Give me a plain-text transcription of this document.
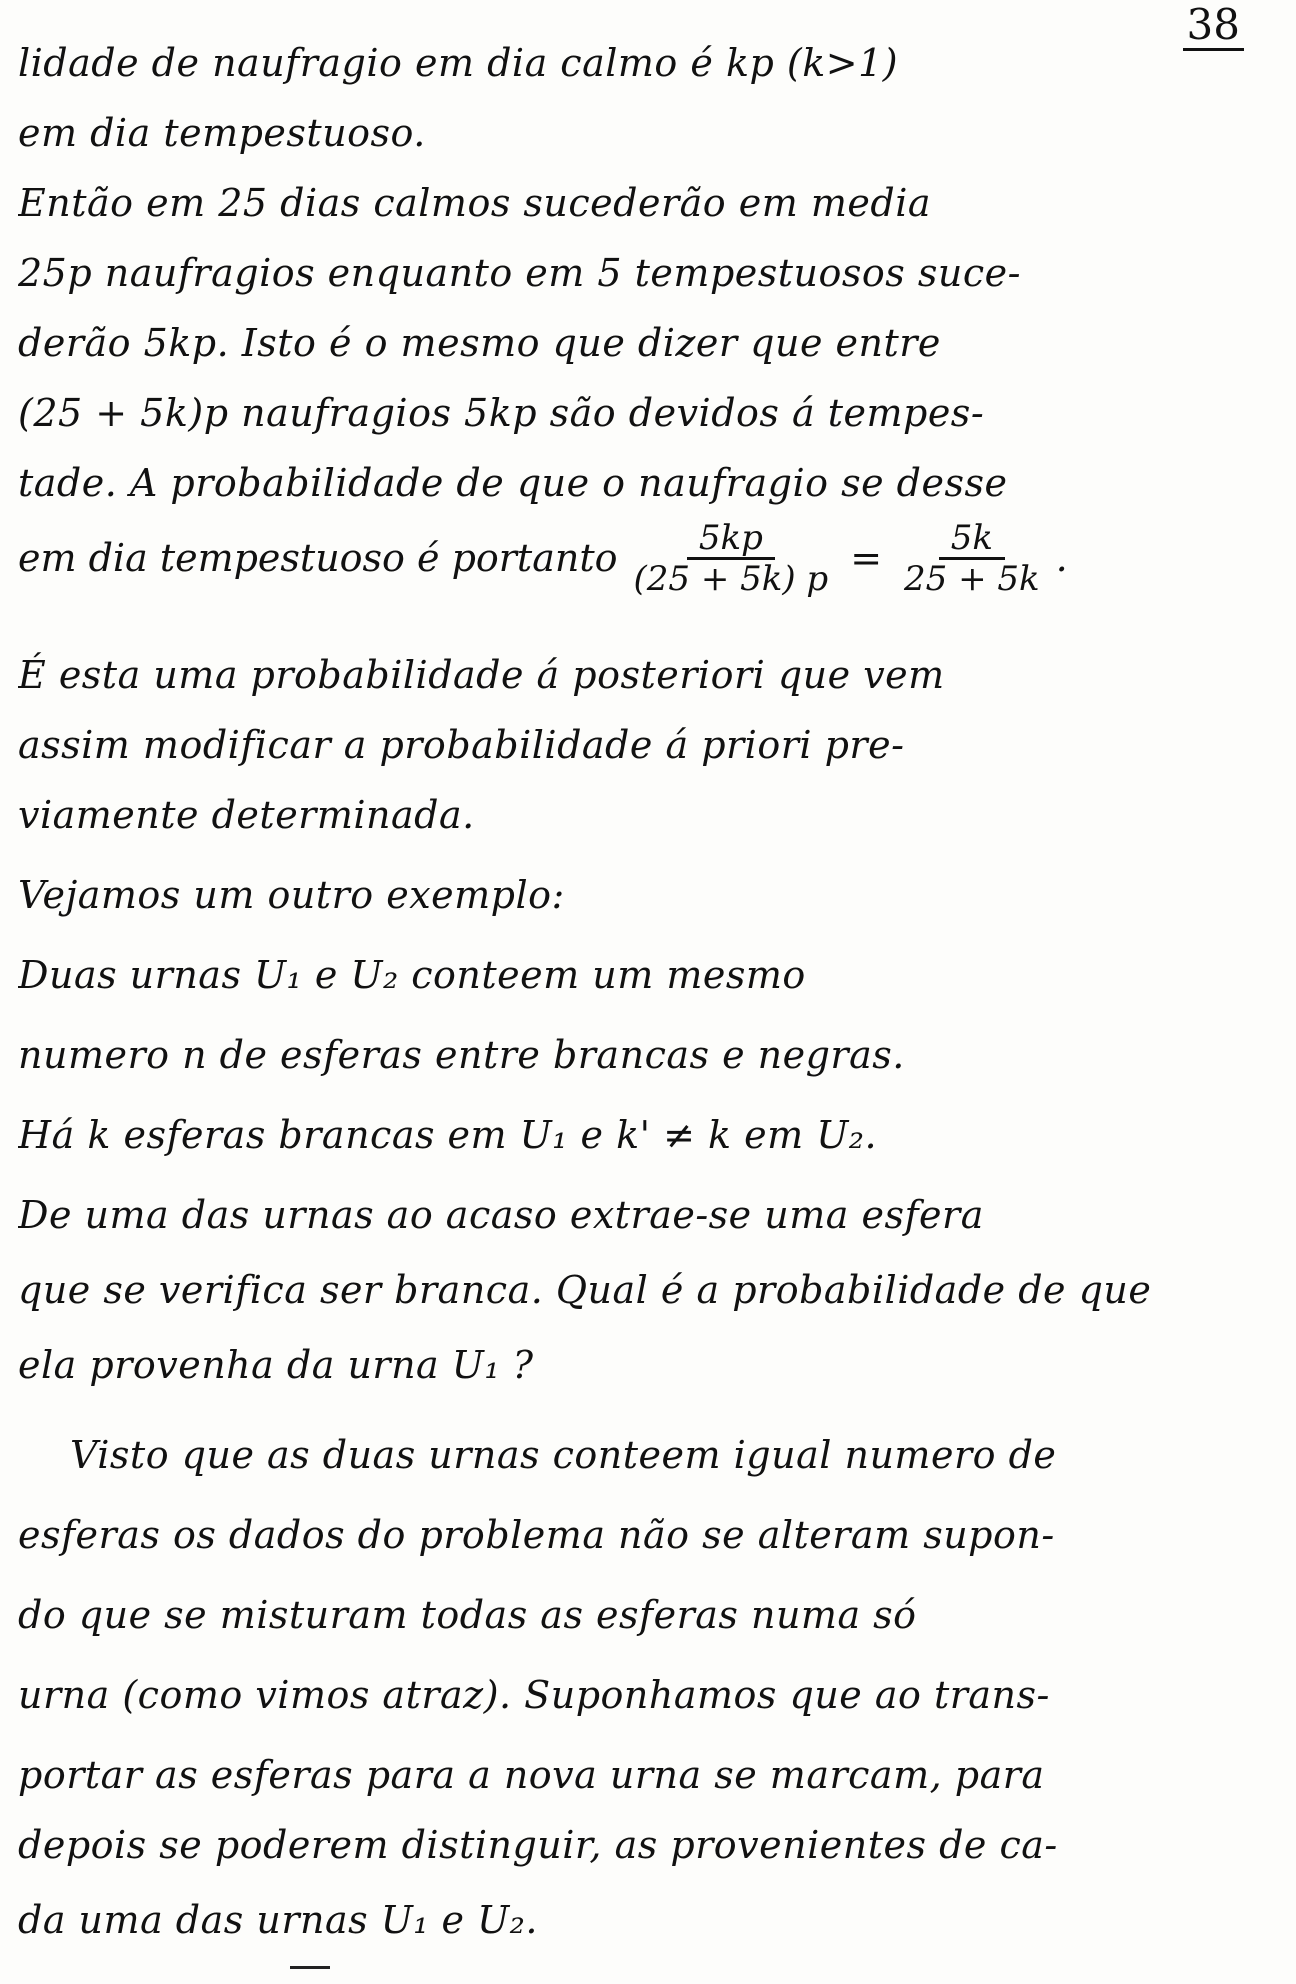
38
lidade de naufragio em dia calmo é kp (k>1)
em dia tempestuoso.
Então em 25 dias calmos sucederão em media
25p naufragios enquanto em 5 tempestuosos suce-
derão 5kp. Isto é o mesmo que dizer que entre
(25 + 5k)p naufragios 5kp são devidos á tempes-
tade. A probabilidade de que o naufragio se desse
em dia tempestuoso é portanto $\frac{5kp}{(25 + 5k) p} = \frac{5k}{25 + 5k}$ .
É esta uma probabilidade á posteriori que vem
assim modificar a probabilidade á priori pre-
viamente determinada.
Vejamos um outro exemplo:
Duas urnas U₁ e U₂ conteem um mesmo
numero n de esferas entre brancas e negras.
Há k esferas brancas em U₁ e k' ≠ k em U₂.
De uma das urnas ao acaso extrae-se uma esfera
que se verifica ser branca. Qual é a probabilidade de que
ela provenha da urna U₁ ?
Visto que as duas urnas conteem igual numero de
esferas os dados do problema não se alteram supon-
do que se misturam todas as esferas numa só
urna (como vimos atraz). Suponhamos que ao trans-
portar as esferas para a nova urna se marcam, para
depois se poderem distinguir, as provenientes de ca-
da uma das urnas U₁ e U₂.
